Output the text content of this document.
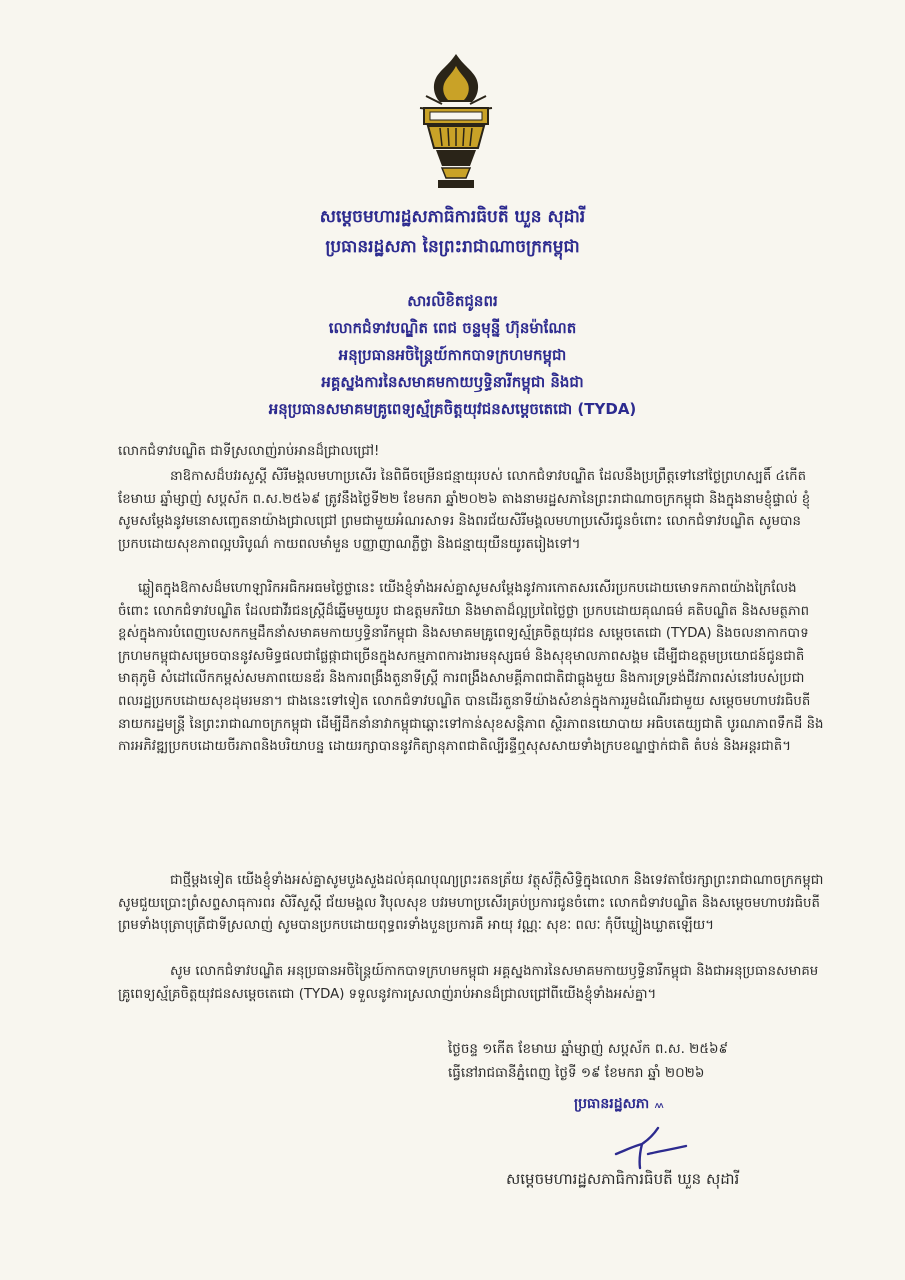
សម្តេចមហារដ្ឋសភាធិការធិបតី ឃួន សុដារី
ប្រធានរដ្ឋសភា នៃព្រះរាជាណាចក្រកម្ពុជា
សារលិខិតជូនពរ
លោកជំទាវបណ្ឌិត ពេជ ចន្ទមុន្នី ហ៊ុនម៉ាណែត
អនុប្រធានអចិន្ត្រៃយ៍កាកបាទក្រហមកម្ពុជា
អគ្គស្នងការនៃសមាគមកាយឫទ្ធិនារីកម្ពុជា និងជា
អនុប្រធានសមាគមគ្រូពេទ្យស្ម័គ្រចិត្តយុវជនសម្តេចតេជោ (TYDA)
លោកជំទាវបណ្ឌិត ជាទីស្រលាញ់រាប់អានដ៏ជ្រាលជ្រៅ!
នាឱកាសដ៏បវរសួស្តី សិរីមង្គលមហាប្រសើរ នៃពិធីចម្រើនជន្មាយុរបស់ លោកជំទាវបណ្ឌិត ដែលនឹងប្រព្រឹត្តទៅនៅថ្ងៃព្រហស្បតិ៍ ៤កើត ខែមាឃ ឆ្នាំម្សាញ់ សប្តស័ក ព.ស.២៥៦៩ ត្រូវនឹងថ្ងៃទី២២ ខែមករា ឆ្នាំ២០២៦ តាងនាមរដ្ឋសភានៃព្រះរាជាណាចក្រកម្ពុជា និងក្នុងនាមខ្ញុំផ្ទាល់ ខ្ញុំសូមសម្តែងនូវមនោសញ្ចេតនាយ៉ាងជ្រាលជ្រៅ ព្រមជាមួយអំណរសាទរ និងពរជ័យសិរីមង្គលមហាប្រសើរជូនចំពោះ លោកជំទាវបណ្ឌិត សូមបានប្រកបដោយសុខភាពល្អបរិបូណ៌ កាយពលមាំមួន បញ្ញាញាណភ្លឺថ្លា និងជន្មាយុយឺនយូរតរៀងទៅ។
ឆ្លៀតក្នុងឱកាសដ៏មហោឡារិកអធិកអធមថ្ងៃថ្លានេះ យើងខ្ញុំទាំងអស់គ្នាសូមសម្តែងនូវការកោតសរសើរប្រកបដោយមោទកភាពយ៉ាងក្រៃលែងចំពោះ លោកជំទាវបណ្ឌិត ដែលជាវីរជនស្ត្រីដ៏ឆ្នើមមួយរូប ជាឧត្តមភរិយា និងមាតាដ៏ល្អប្រពៃថ្លៃថ្លា ប្រកបដោយគុណធម៌ គតិបណ្ឌិត និងសមត្ថភាពខ្ពស់ក្នុងការបំពេញបេសកកម្មដឹកនាំសមាគមកាយឫទ្ធិនារីកម្ពុជា និងសមាគមគ្រូពេទ្យស្ម័គ្រចិត្តយុវជន សម្តេចតេជោ (TYDA) និងចលនាកាកបាទក្រហមកម្ពុជាសម្រេចបាននូវសមិទ្ធផលជាផ្លែផ្កាជាច្រើនក្នុងសកម្មភាពការងារមនុស្សធម៌ និងសុខុមាលភាពសង្គម ដើម្បីជាឧត្តមប្រយោជន៍ជូនជាតិមាតុភូមិ សំដៅលើកកម្ពស់សមភាពយេនឌ័រ និងការពង្រឹងតួនាទីស្ត្រី ការពង្រឹងសាមគ្គីភាពជាតិជាធ្លុងមួយ និងការទ្រទ្រង់ជីវភាពរស់នៅរបស់ប្រជាពលរដ្ឋប្រកបដោយសុខដុមរមនា។ ជាងនេះទៅទៀត លោកជំទាវបណ្ឌិត បានដើរតួនាទីយ៉ាងសំខាន់ក្នុងការរួមដំណើរជាមួយ សម្តេចមហាបវរធិបតី នាយករដ្ឋមន្ត្រី នៃព្រះរាជាណាចក្រកម្ពុជា ដើម្បីដឹកនាំនាវាកម្ពុជាឆ្ពោះទៅកាន់សុខសន្តិភាព ស្ថិរភាពនយោបាយ អធិបតេយ្យជាតិ បូរណភាពទឹកដី និងការអភិវឌ្ឍប្រកបដោយចីរភាពនិងបរិយាបន្ន ដោយរក្សាបាននូវកិត្យានុភាពជាតិល្បីរន្ទឺឮសុសសាយទាំងក្របខណ្ឌថ្នាក់ជាតិ តំបន់ និងអន្តរជាតិ។
ជាថ្មីម្តងទៀត យើងខ្ញុំទាំងអស់គ្នាសូមបួងសួងដល់គុណបុណ្យព្រះរតនត្រ័យ វត្ថុស័ក្តិសិទ្ធិក្នុងលោក និងទេវតាថែរក្សាព្រះរាជាណាចក្រកម្ពុជា សូមជួយប្រោះព្រំសព្ទសាធុការពរ សិរីសួស្តី ជ័យមង្គល វិបុលសុខ បវរមហាប្រសើរគ្រប់ប្រការជូនចំពោះ លោកជំទាវបណ្ឌិត និងសម្តេចមហាបវរធិបតី ព្រមទាំងបុត្រាបុត្រីជាទីស្រលាញ់ សូមបានប្រកបដោយពុទ្ធពរទាំងបួនប្រការគឺ អាយុ វណ្ណៈ សុខៈ ពលៈ កុំបីឃ្លៀងឃ្លាតឡើយ។
សូម លោកជំទាវបណ្ឌិត អនុប្រធានអចិន្ត្រៃយ៍កាកបាទក្រហមកម្ពុជា អគ្គស្នងការនៃសមាគមកាយឫទ្ធិនារីកម្ពុជា និងជាអនុប្រធានសមាគមគ្រូពេទ្យស្ម័គ្រចិត្តយុវជនសម្តេចតេជោ (TYDA) ទទួលនូវការស្រលាញ់រាប់អានដ៏ជ្រាលជ្រៅពីយើងខ្ញុំទាំងអស់គ្នា។
ថ្ងៃចន្ទ ១កើត ខែមាឃ ឆ្នាំម្សាញ់ សប្តស័ក ព.ស. ២៥៦៩
ធ្វើនៅរាជធានីភ្នំពេញ ថ្ងៃទី ១៩ ខែមករា ឆ្នាំ ២០២៦
ប្រធានរដ្ឋសភា ៳
សម្តេចមហារដ្ឋសភាធិការធិបតី ឃួន សុដារី
